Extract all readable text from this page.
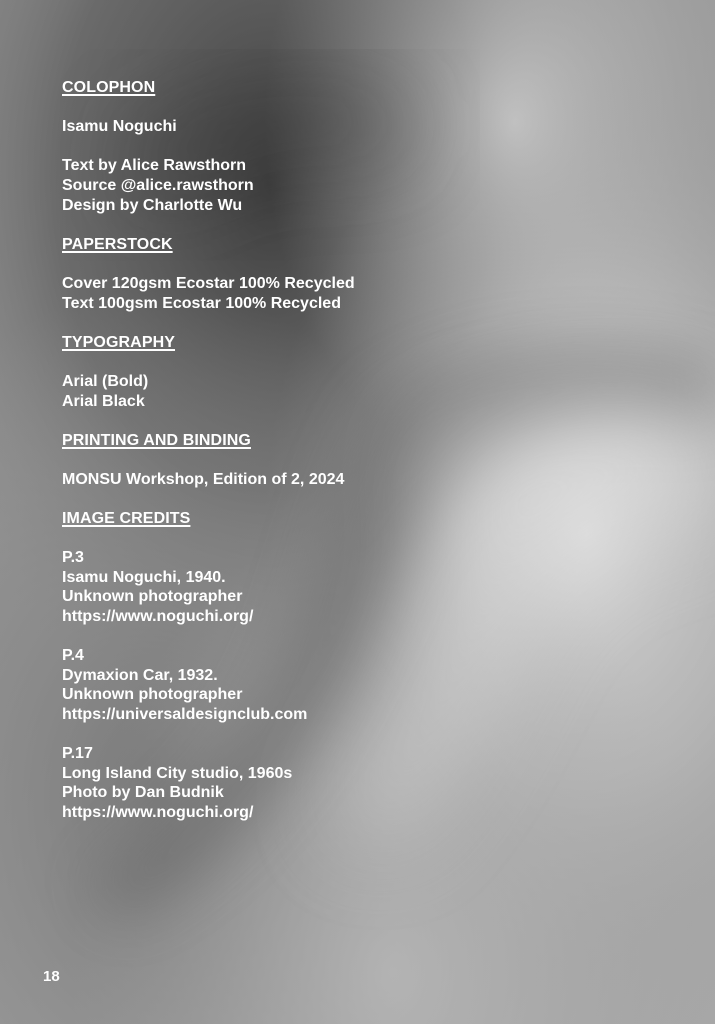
COLOPHON
Isamu Noguchi
Text by Alice Rawsthorn
Source @alice.rawsthorn
Design by Charlotte Wu
PAPERSTOCK
Cover 120gsm Ecostar 100% Recycled
Text 100gsm Ecostar 100% Recycled
TYPOGRAPHY
Arial (Bold)
Arial Black
PRINTING AND BINDING
MONSU Workshop, Edition of 2, 2024
IMAGE CREDITS
P.3
Isamu Noguchi, 1940.
Unknown photographer
https://www.noguchi.org/
P.4
Dymaxion Car, 1932.
Unknown photographer
https://universaldesignclub.com
P.17
Long Island City studio, 1960s
Photo by Dan Budnik
https://www.noguchi.org/
18
